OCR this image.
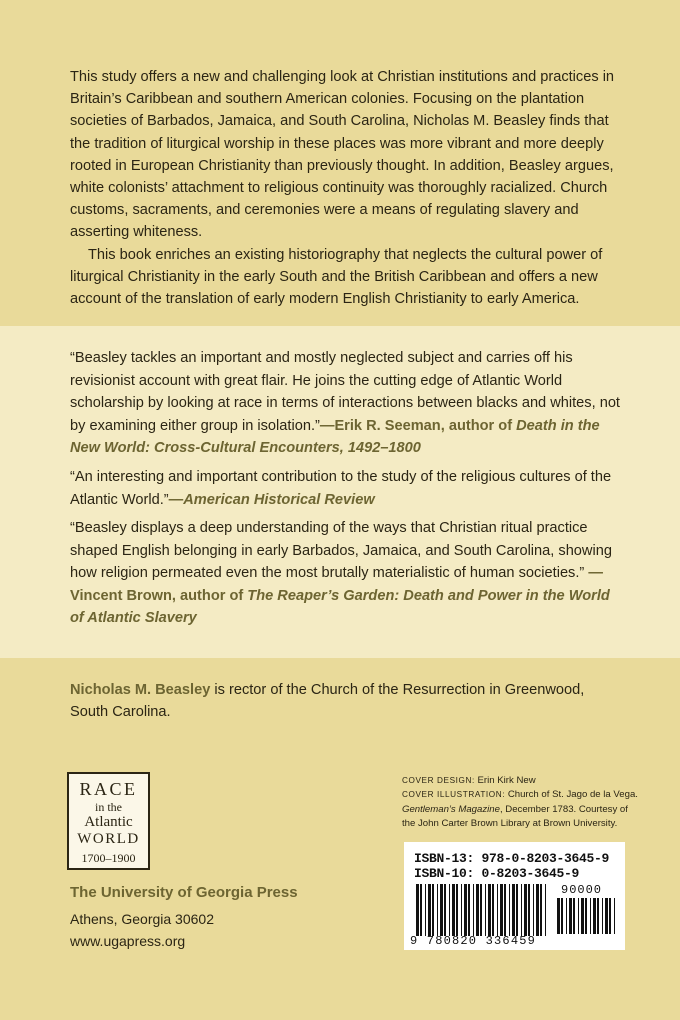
This study offers a new and challenging look at Christian institutions and practices in Britain’s Caribbean and southern American colonies. Focusing on the plantation societies of Barbados, Jamaica, and South Carolina, Nicholas M. Beasley finds that the tradition of liturgical worship in these places was more vibrant and more deeply rooted in European Christianity than previously thought. In addition, Beasley argues, white colonists’ attachment to religious continuity was thoroughly racialized. Church customs, sacraments, and ceremonies were a means of regulating slavery and asserting whiteness.

This book enriches an existing historiography that neglects the cultural power of liturgical Christianity in the early South and the British Caribbean and offers a new account of the translation of early modern English Christianity to early America.

“Beasley tackles an important and mostly neglected subject and carries off his revisionist account with great flair. He joins the cutting edge of Atlantic World scholarship by looking at race in terms of interactions between blacks and whites, not by examining either group in isolation.”—Erik R. Seeman, author of Death in the New World: Cross-Cultural Encounters, 1492–1800

“An interesting and important contribution to the study of the religious cultures of the Atlantic World.”—American Historical Review

“Beasley displays a deep understanding of the ways that Christian ritual practice shaped English belonging in early Barbados, Jamaica, and South Carolina, showing how religion permeated even the most brutally materialistic of human societies.” —Vincent Brown, author of The Reaper’s Garden: Death and Power in the World of Atlantic Slavery

Nicholas M. Beasley is rector of the Church of the Resurrection in Greenwood, South Carolina.

RACE
in the
Atlantic
WORLD
1700–1900

The University of Georgia Press

Athens, Georgia 30602
www.ugapress.org

COVER DESIGN: Erin Kirk New
COVER ILLUSTRATION: Church of St. Jago de la Vega.
Gentleman’s Magazine, December 1783. Courtesy of the John Carter Brown Library at Brown University.

ISBN-13: 978-0-8203-3645-9
ISBN-10: 0-8203-3645-9
90000
9 780820 336459
